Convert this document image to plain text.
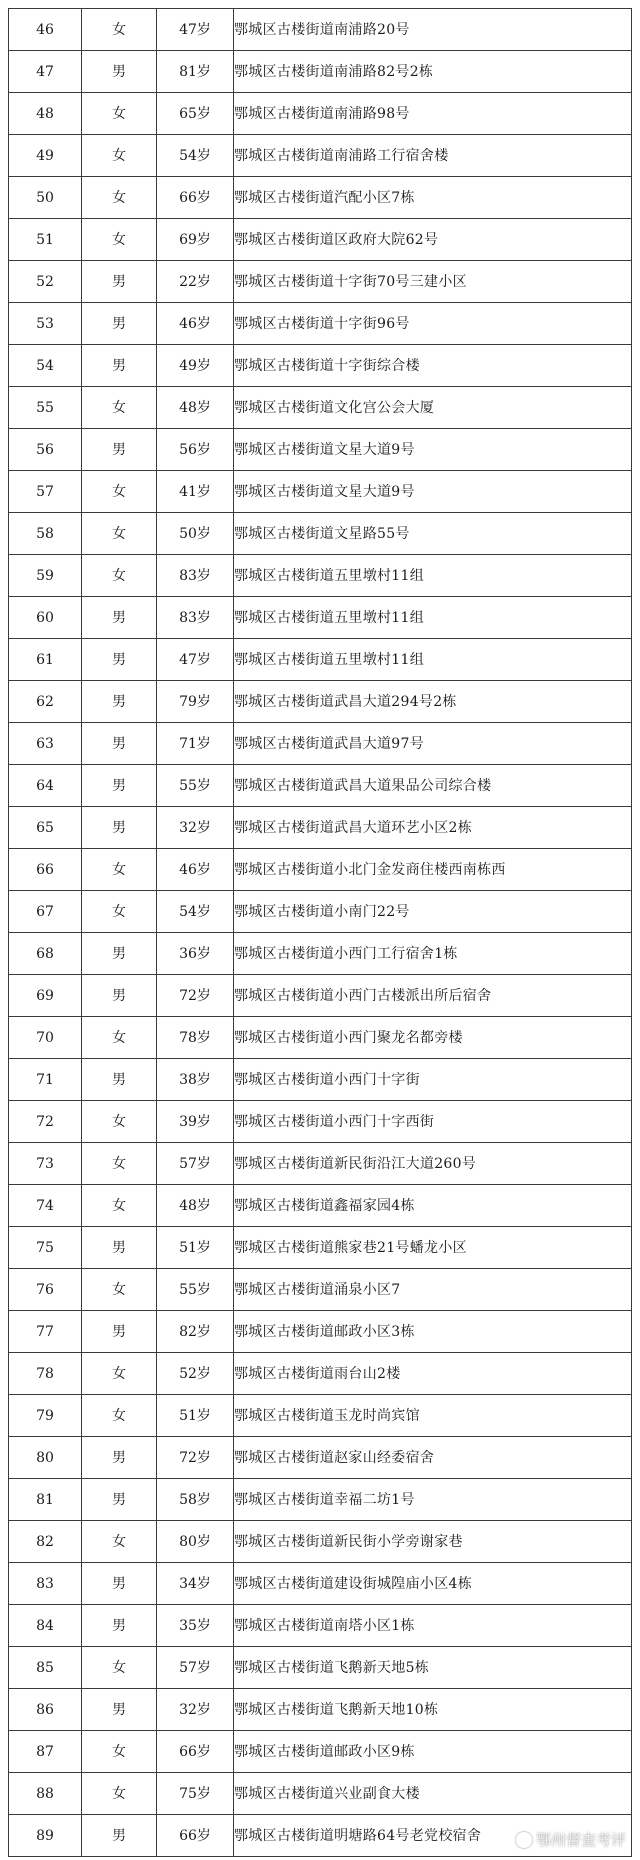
46	女	47岁	鄂城区古楼街道南浦路20号
47	男	81岁	鄂城区古楼街道南浦路82号2栋
48	女	65岁	鄂城区古楼街道南浦路98号
49	女	54岁	鄂城区古楼街道南浦路工行宿舍楼
50	女	66岁	鄂城区古楼街道汽配小区7栋
51	女	69岁	鄂城区古楼街道区政府大院62号
52	男	22岁	鄂城区古楼街道十字街70号三建小区
53	男	46岁	鄂城区古楼街道十字街96号
54	男	49岁	鄂城区古楼街道十字街综合楼
55	女	48岁	鄂城区古楼街道文化宫公会大厦
56	男	56岁	鄂城区古楼街道文星大道9号
57	女	41岁	鄂城区古楼街道文星大道9号
58	女	50岁	鄂城区古楼街道文星路55号
59	女	83岁	鄂城区古楼街道五里墩村11组
60	男	83岁	鄂城区古楼街道五里墩村11组
61	男	47岁	鄂城区古楼街道五里墩村11组
62	男	79岁	鄂城区古楼街道武昌大道294号2栋
63	男	71岁	鄂城区古楼街道武昌大道97号
64	男	55岁	鄂城区古楼街道武昌大道果品公司综合楼
65	男	32岁	鄂城区古楼街道武昌大道环艺小区2栋
66	女	46岁	鄂城区古楼街道小北门金发商住楼西南栋西
67	女	54岁	鄂城区古楼街道小南门22号
68	男	36岁	鄂城区古楼街道小西门工行宿舍1栋
69	男	72岁	鄂城区古楼街道小西门古楼派出所后宿舍
70	女	78岁	鄂城区古楼街道小西门聚龙名都旁楼
71	男	38岁	鄂城区古楼街道小西门十字街
72	女	39岁	鄂城区古楼街道小西门十字西街
73	女	57岁	鄂城区古楼街道新民街沿江大道260号
74	女	48岁	鄂城区古楼街道鑫福家园4栋
75	男	51岁	鄂城区古楼街道熊家巷21号蟠龙小区
76	女	55岁	鄂城区古楼街道涌泉小区7
77	男	82岁	鄂城区古楼街道邮政小区3栋
78	女	52岁	鄂城区古楼街道雨台山2楼
79	女	51岁	鄂城区古楼街道玉龙时尚宾馆
80	男	72岁	鄂城区古楼街道赵家山经委宿舍
81	男	58岁	鄂城区古楼街道幸福二坊1号
82	女	80岁	鄂城区古楼街道新民街小学旁谢家巷
83	男	34岁	鄂城区古楼街道建设街城隍庙小区4栋
84	男	35岁	鄂城区古楼街道南塔小区1栋
85	女	57岁	鄂城区古楼街道飞鹅新天地5栋
86	男	32岁	鄂城区古楼街道飞鹅新天地10栋
87	女	66岁	鄂城区古楼街道邮政小区9栋
88	女	75岁	鄂城区古楼街道兴业副食大楼
89	男	66岁	鄂城区古楼街道明塘路64号老党校宿舍	鄂州督查考评
